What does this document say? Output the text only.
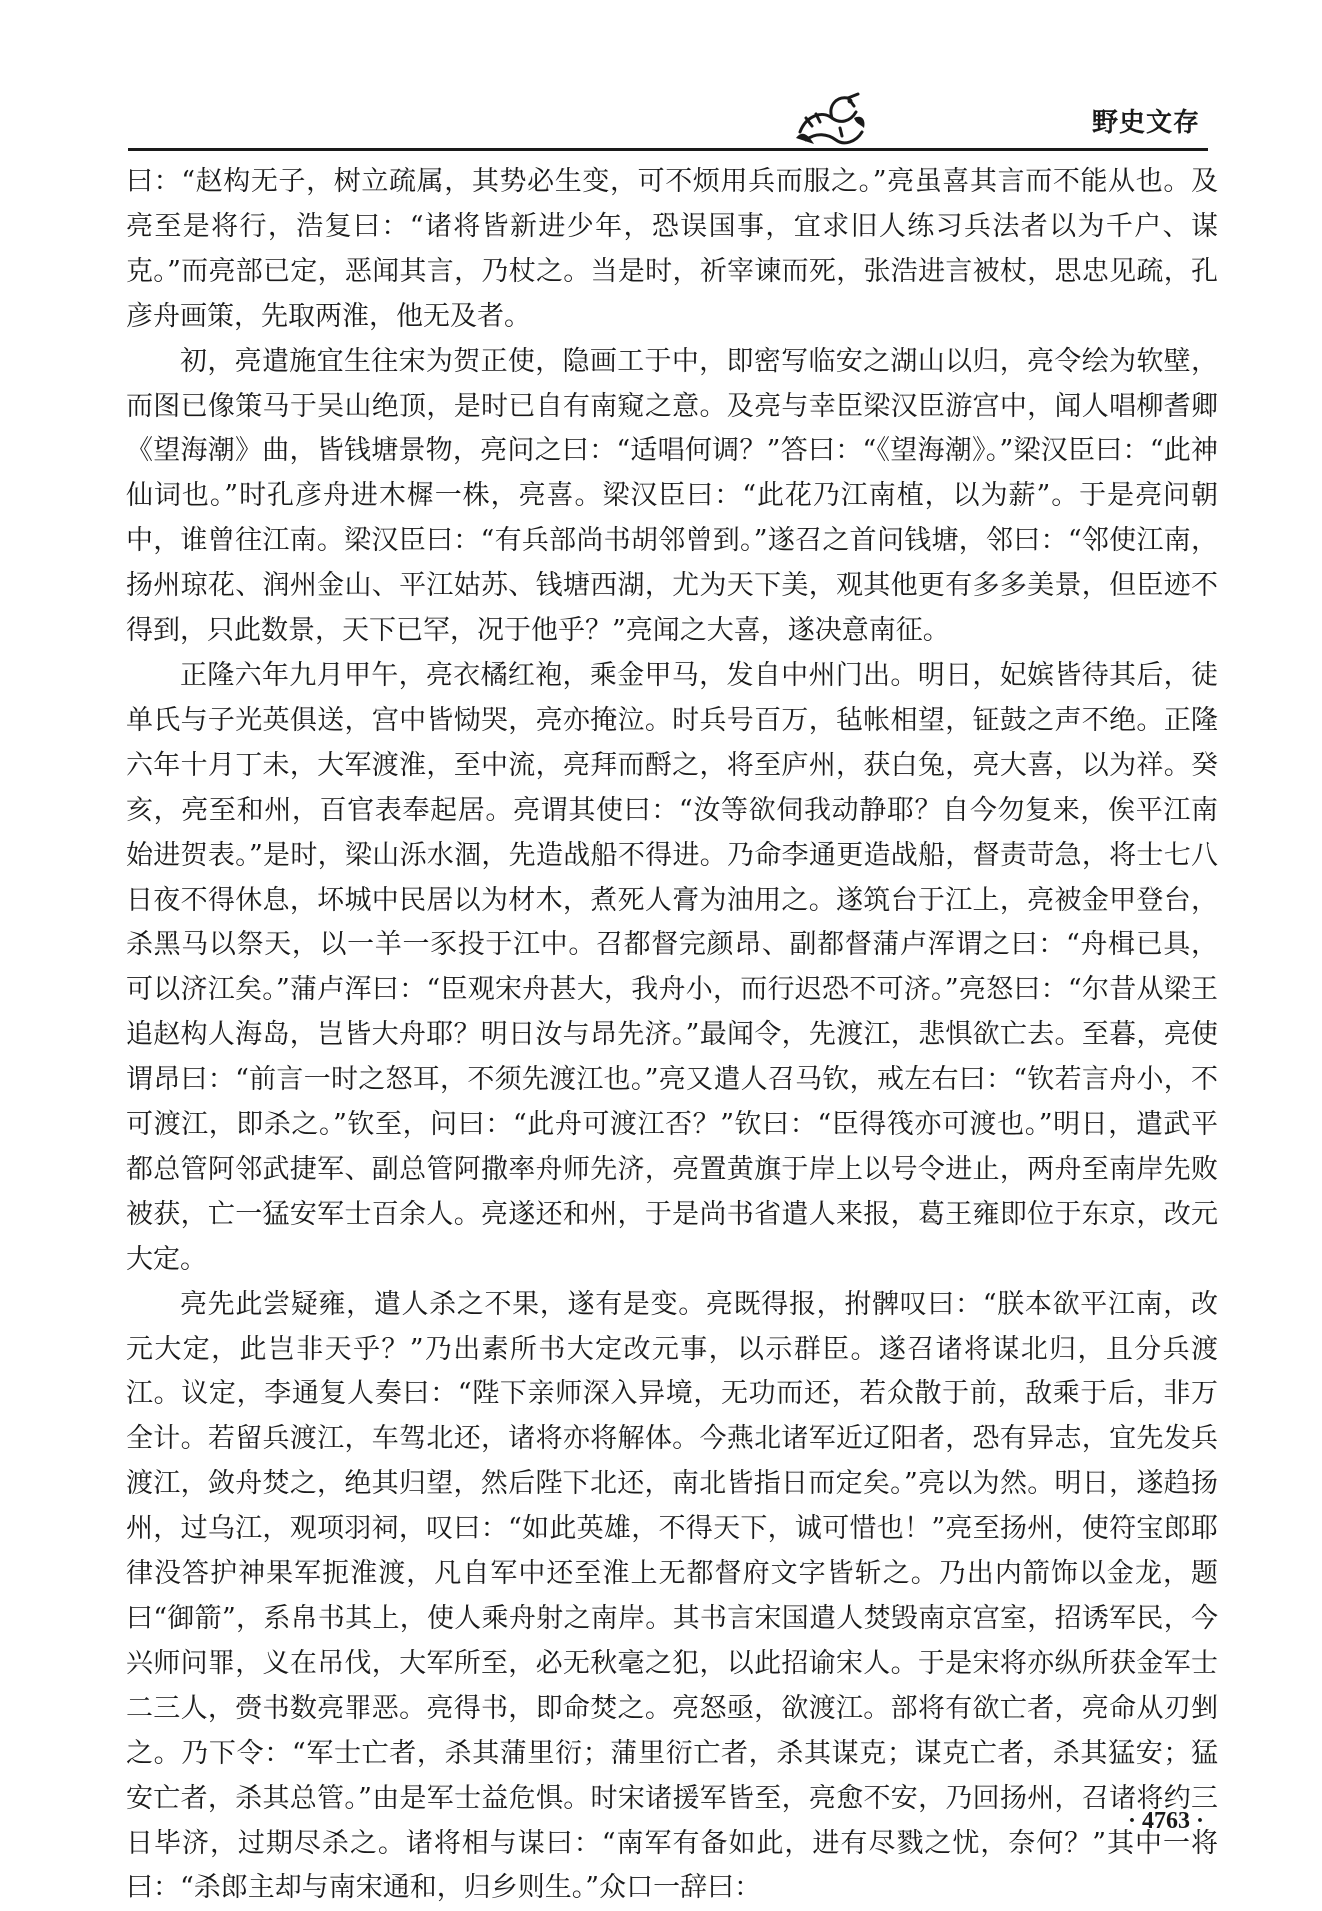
野史文存

曰：“赵构无子，树立疏属，其势必生变，可不烦用兵而服之。”亮虽喜其言而不能从也。及亮至是将行，浩复曰：“诸将皆新进少年，恐误国事，宜求旧人练习兵法者以为千户、谋克。”而亮部已定，恶闻其言，乃杖之。当是时，祈宰谏而死，张浩进言被杖，思忠见疏，孔彦舟画策，先取两淮，他无及者。

初，亮遣施宜生往宋为贺正使，隐画工于中，即密写临安之湖山以归，亮令绘为软壁，而图已像策马于吴山绝顶，是时已自有南窥之意。及亮与幸臣梁汉臣游宫中，闻人唱柳耆卿《望海潮》曲，皆钱塘景物，亮问之曰：“适唱何调？”答曰：“《望海潮》。”梁汉臣曰：“此神仙词也。”时孔彦舟进木樨一株，亮喜。梁汉臣曰：“此花乃江南植，以为薪”。于是亮问朝中，谁曾往江南。梁汉臣曰：“有兵部尚书胡邻曾到。”遂召之首问钱塘，邻曰：“邻使江南，扬州琼花、润州金山、平江姑苏、钱塘西湖，尤为天下美，观其他更有多多美景，但臣迹不得到，只此数景，天下已罕，况于他乎？”亮闻之大喜，遂决意南征。

正隆六年九月甲午，亮衣橘红袍，乘金甲马，发自中州门出。明日，妃嫔皆待其后，徒单氏与子光英俱送，宫中皆恸哭，亮亦掩泣。时兵号百万，毡帐相望，钲鼓之声不绝。正隆六年十月丁未，大军渡淮，至中流，亮拜而酹之，将至庐州，获白兔，亮大喜，以为祥。癸亥，亮至和州，百官表奉起居。亮谓其使曰：“汝等欲伺我动静耶？自今勿复来，俟平江南始进贺表。”是时，梁山泺水涸，先造战船不得进。乃命李通更造战船，督责苛急，将士七八日夜不得休息，坏城中民居以为材木，煮死人膏为油用之。遂筑台于江上，亮被金甲登台，杀黑马以祭天，以一羊一豕投于江中。召都督完颜昂、副都督蒲卢浑谓之曰：“舟楫已具，可以济江矣。”蒲卢浑曰：“臣观宋舟甚大，我舟小，而行迟恐不可济。”亮怒曰：“尔昔从梁王追赵构人海岛，岂皆大舟耶？明日汝与昂先济。”最闻令，先渡江，悲惧欲亡去。至暮，亮使谓昂曰：“前言一时之怒耳，不须先渡江也。”亮又遣人召马钦，戒左右曰：“钦若言舟小，不可渡江，即杀之。”钦至，问曰：“此舟可渡江否？”钦曰：“臣得筏亦可渡也。”明日，遣武平都总管阿邻武捷军、副总管阿撒率舟师先济，亮置黄旗于岸上以号令进止，两舟至南岸先败被获，亡一猛安军士百余人。亮遂还和州，于是尚书省遣人来报，葛王雍即位于东京，改元大定。

亮先此尝疑雍，遣人杀之不果，遂有是变。亮既得报，拊髀叹曰：“朕本欲平江南，改元大定，此岂非天乎？”乃出素所书大定改元事，以示群臣。遂召诸将谋北归，且分兵渡江。议定，李通复人奏曰：“陛下亲师深入异境，无功而还，若众散于前，敌乘于后，非万全计。若留兵渡江，车驾北还，诸将亦将解体。今燕北诸军近辽阳者，恐有异志，宜先发兵渡江，敛舟焚之，绝其归望，然后陛下北还，南北皆指日而定矣。”亮以为然。明日，遂趋扬州，过乌江，观项羽祠，叹曰：“如此英雄，不得天下，诚可惜也！”亮至扬州，使符宝郎耶律没答护神果军扼淮渡，凡自军中还至淮上无都督府文字皆斩之。乃出内箭饰以金龙，题曰“御箭”，系帛书其上，使人乘舟射之南岸。其书言宋国遣人焚毁南京宫室，招诱军民，今兴师问罪，义在吊伐，大军所至，必无秋毫之犯，以此招谕宋人。于是宋将亦纵所获金军士二三人，赍书数亮罪恶。亮得书，即命焚之。亮怒亟，欲渡江。部将有欲亡者，亮命从刃剉之。乃下令：“军士亡者，杀其蒲里衍；蒲里衍亡者，杀其谋克；谋克亡者，杀其猛安；猛安亡者，杀其总管。”由是军士益危惧。时宋诸援军皆至，亮愈不安，乃回扬州，召诸将约三日毕济，过期尽杀之。诸将相与谋曰：“南军有备如此，进有尽戮之忧，奈何？”其中一将曰：“杀郎主却与南宋通和，归乡则生。”众口一辞曰：

· 4763 ·
